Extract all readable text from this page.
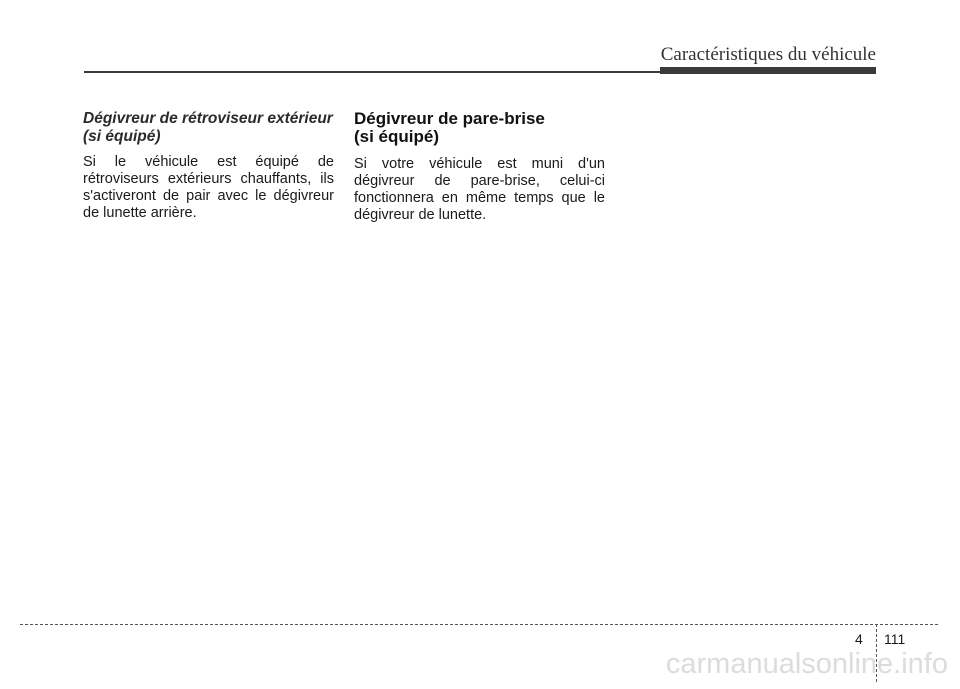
Caractéristiques du véhicule
Dégivreur de rétroviseur extérieur
(si équipé)

Si le véhicule est équipé de rétroviseurs extérieurs chauffants, ils s'activeront de pair avec le dégivreur de lunette arrière.

Dégivreur de pare-brise
(si équipé)

Si votre véhicule est muni d'un dégivreur de pare-brise, celui-ci fonctionnera en même temps que le dégivreur de lunette.

4 111
carmanualsonline.info
